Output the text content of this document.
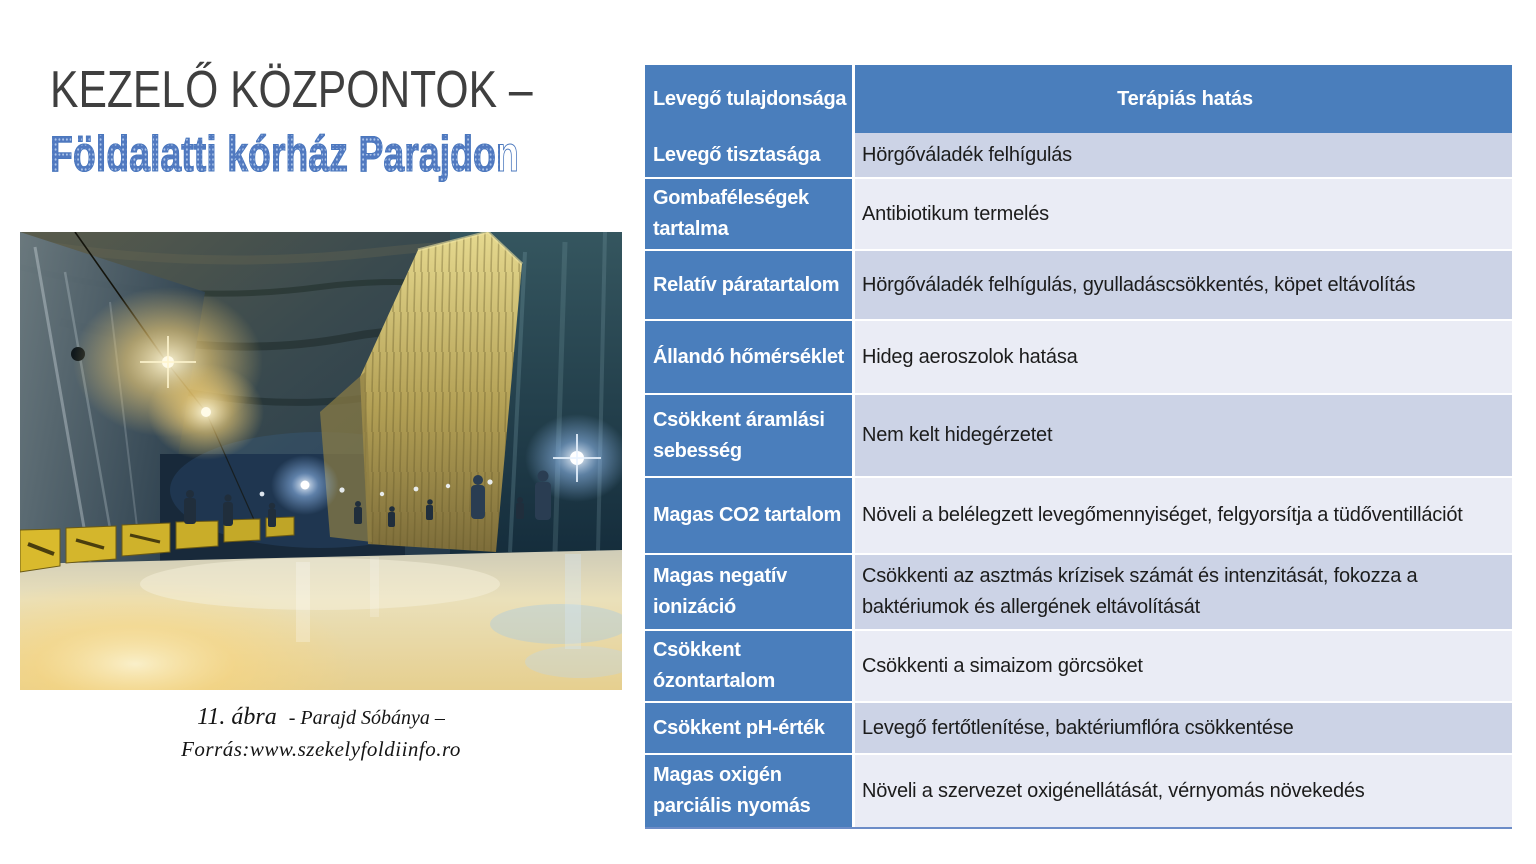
KEZELŐ KÖZPONTOK –
Földalatti kórház Parajdon
11. ábra - Parajd Sóbánya –
Forrás:www.szekelyfoldiinfo.ro
Levegő tulajdonsága	Terápiás hatás
Levegő tisztasága Hörgőváladék felhígulás
Gombaféleségek tartalma
Antibiotikum termelés
Relatív páratartalom Hörgőváladék felhígulás, gyulladáscsökkentés, köpet eltávolítás
Állandó hőmérséklet Hideg aeroszolok hatása
Csökkent áramlási sebesség
Nem kelt hidegérzetet
Magas CO2 tartalom Növeli a belélegzett levegőmennyiséget, felgyorsítja a tüdőventillációt
Magas negatív ionizáció
Csökkenti az asztmás krízisek számát és intenzitását, fokozza a baktériumok és allergének eltávolítását
Csökkent ózontartalom
Csökkenti a simaizom görcsöket
Csökkent pH-érték Levegő fertőtlenítése, baktériumflóra csökkentése
Magas oxigén parciális nyomás
Növeli a szervezet oxigénellátását, vérnyomás növekedés
